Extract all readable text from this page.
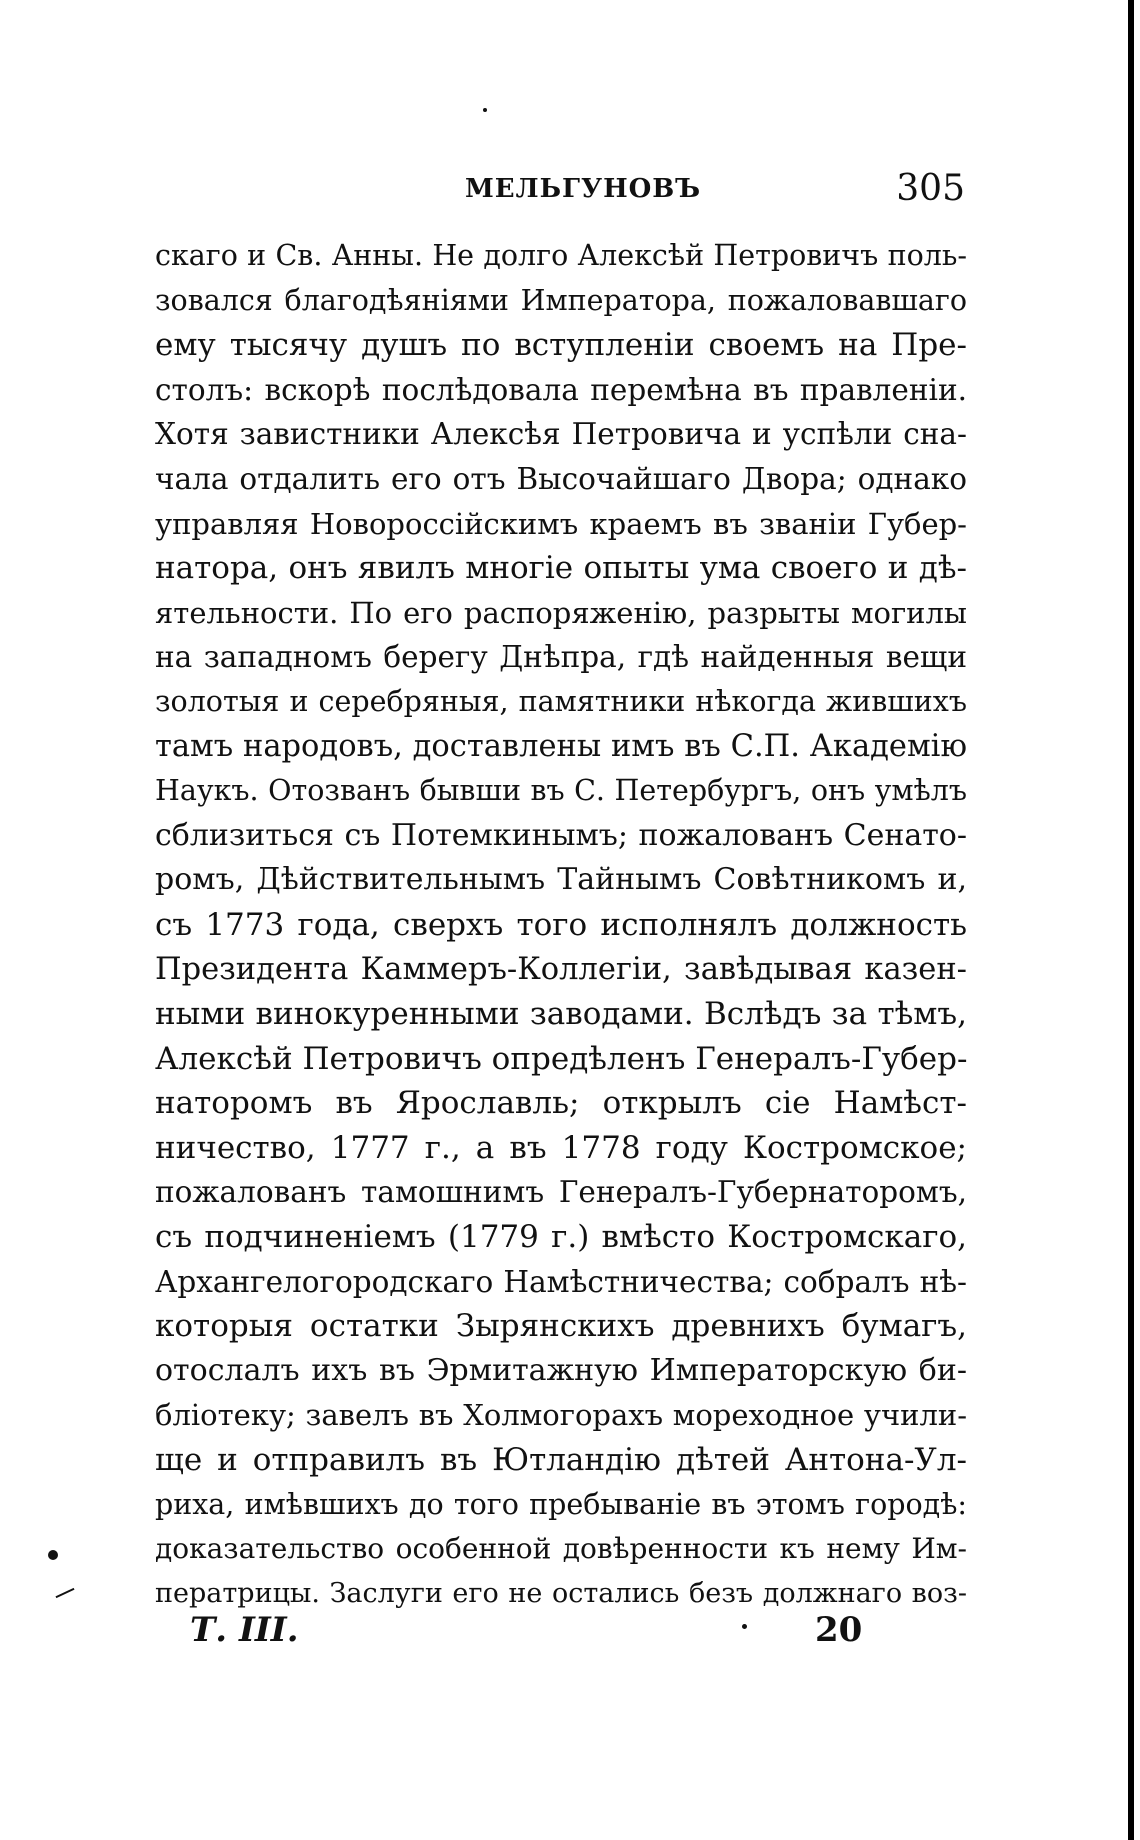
МЕЛЬГУНОВЪ	305
скаго и Св. Анны. Не долго Алексѣй Петровичъ поль-
зовался благодѣяніями Императора, пожаловавшаго
ему тысячу душъ по вступленіи своемъ на Пре-
столъ: вскорѣ послѣдовала перемѣна въ правленіи.
Хотя завистники Алексѣя Петровича и успѣли сна-
чала отдалить его отъ Высочайшаго Двора; однако
управляя Новороссійскимъ краемъ въ званіи Губер-
натора, онъ явилъ многіе опыты ума своего и дѣ-
ятельности. По его распоряженію, разрыты могилы
на западномъ берегу Днѣпра, гдѣ найденныя вещи
золотыя и серебряныя, памятники нѣкогда жившихъ
тамъ народовъ, доставлены имъ въ С.П. Академію
Наукъ. Отозванъ бывши въ С. Петербургъ, онъ умѣлъ
сблизиться съ Потемкинымъ; пожалованъ Сенато-
ромъ, Дѣйствительнымъ Тайнымъ Совѣтникомъ и,
съ 1773 года, сверхъ того исполнялъ должность
Президента Каммеръ-Коллегіи, завѣдывая казен-
ными винокуренными заводами. Вслѣдъ за тѣмъ,
Алексѣй Петровичъ опредѣленъ Генералъ-Губер-
наторомъ въ Ярославль; открылъ сіе Намѣст-
ничество, 1777 г., а въ 1778 году Костромское;
пожалованъ тамошнимъ Генералъ-Губернаторомъ,
съ подчиненіемъ (1779 г.) вмѣсто Костромскаго,
Архангелогородскаго Намѣстничества; собралъ нѣ-
которыя остатки Зырянскихъ древнихъ бумагъ,
отослалъ ихъ въ Эрмитажную Императорскую би-
бліотеку; завелъ въ Холмогорахъ мореходное учили-
ще и отправилъ въ Ютландію дѣтей Антона-Ул-
риха, имѣвшихъ до того пребываніе въ этомъ городѣ:
доказательство особенной довѣренности къ нему Им-
ператрицы. Заслуги его не остались безъ должнаго воз-
Т. III.	20
